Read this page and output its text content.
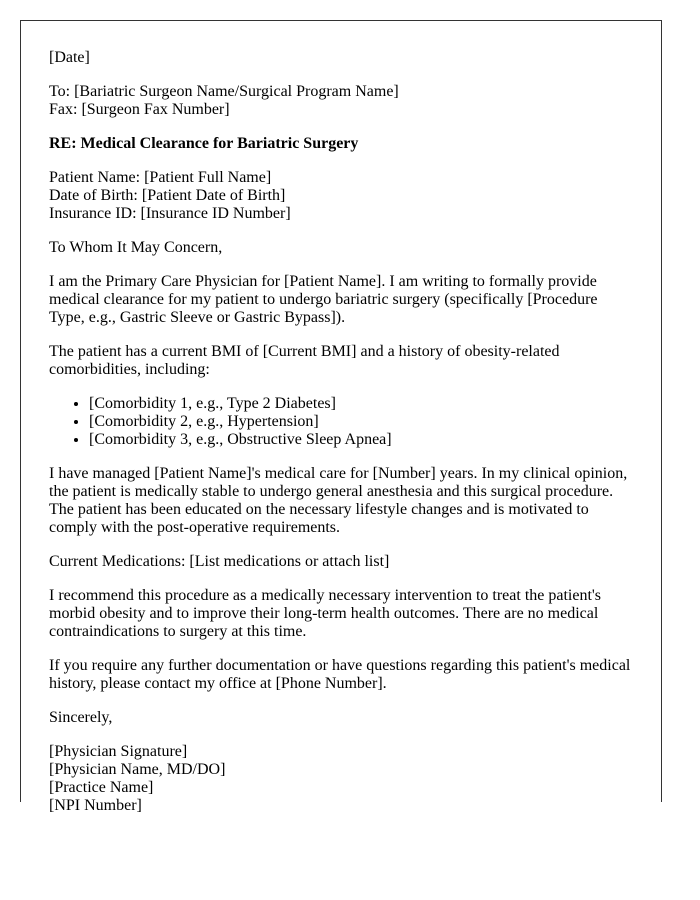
[Date]

To: [Bariatric Surgeon Name/Surgical Program Name]
Fax: [Surgeon Fax Number]

RE: Medical Clearance for Bariatric Surgery

Patient Name: [Patient Full Name]
Date of Birth: [Patient Date of Birth]
Insurance ID: [Insurance ID Number]

To Whom It May Concern,

I am the Primary Care Physician for [Patient Name]. I am writing to formally provide medical clearance for my patient to undergo bariatric surgery (specifically [Procedure Type, e.g., Gastric Sleeve or Gastric Bypass]).

The patient has a current BMI of [Current BMI] and a history of obesity-related comorbidities, including:

• [Comorbidity 1, e.g., Type 2 Diabetes]
• [Comorbidity 2, e.g., Hypertension]
• [Comorbidity 3, e.g., Obstructive Sleep Apnea]

I have managed [Patient Name]'s medical care for [Number] years. In my clinical opinion, the patient is medically stable to undergo general anesthesia and this surgical procedure. The patient has been educated on the necessary lifestyle changes and is motivated to comply with the post-operative requirements.

Current Medications: [List medications or attach list]

I recommend this procedure as a medically necessary intervention to treat the patient's morbid obesity and to improve their long-term health outcomes. There are no medical contraindications to surgery at this time.

If you require any further documentation or have questions regarding this patient's medical history, please contact my office at [Phone Number].

Sincerely,

[Physician Signature]
[Physician Name, MD/DO]
[Practice Name]
[NPI Number]
